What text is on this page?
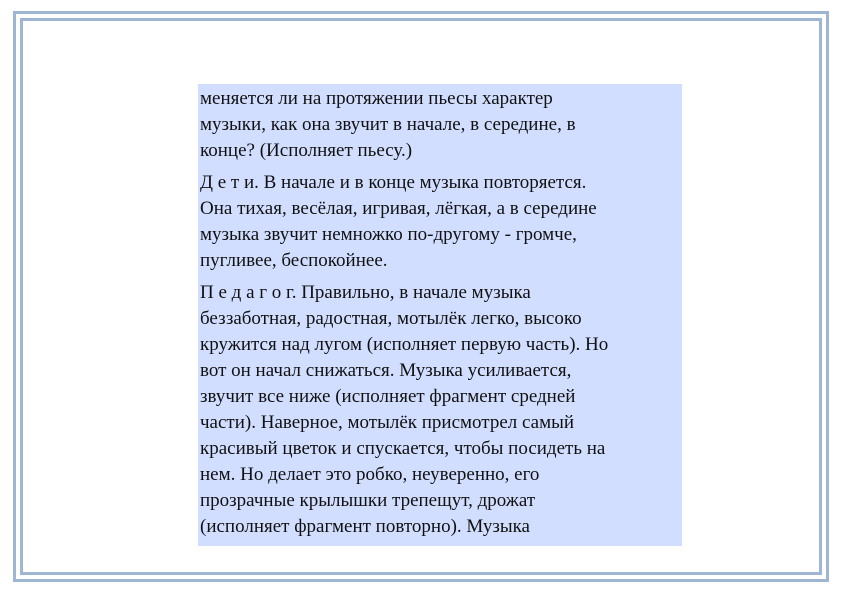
меняется ли на протяжении пьесы характер
музыки, как она звучит в начале, в середине, в
конце? (Исполняет пьесу.)

Д е т и. В начале и в конце музыка повторяется.
Она тихая, весёлая, игривая, лёгкая, а в середине
музыка звучит немножко по-другому - громче,
пугливее, беспокойнее.

П е д а г о г. Правильно, в начале музыка
беззаботная, радостная, мотылёк легко, высоко
кружится над лугом (исполняет первую часть). Но
вот он начал снижаться. Музыка усиливается,
звучит все ниже (исполняет фрагмент средней
части). Наверное, мотылёк присмотрел самый
красивый цветок и спускается, чтобы посидеть на
нем. Но делает это робко, неуверенно, его
прозрачные крылышки трепещут, дрожат
(исполняет фрагмент повторно). Музыка
